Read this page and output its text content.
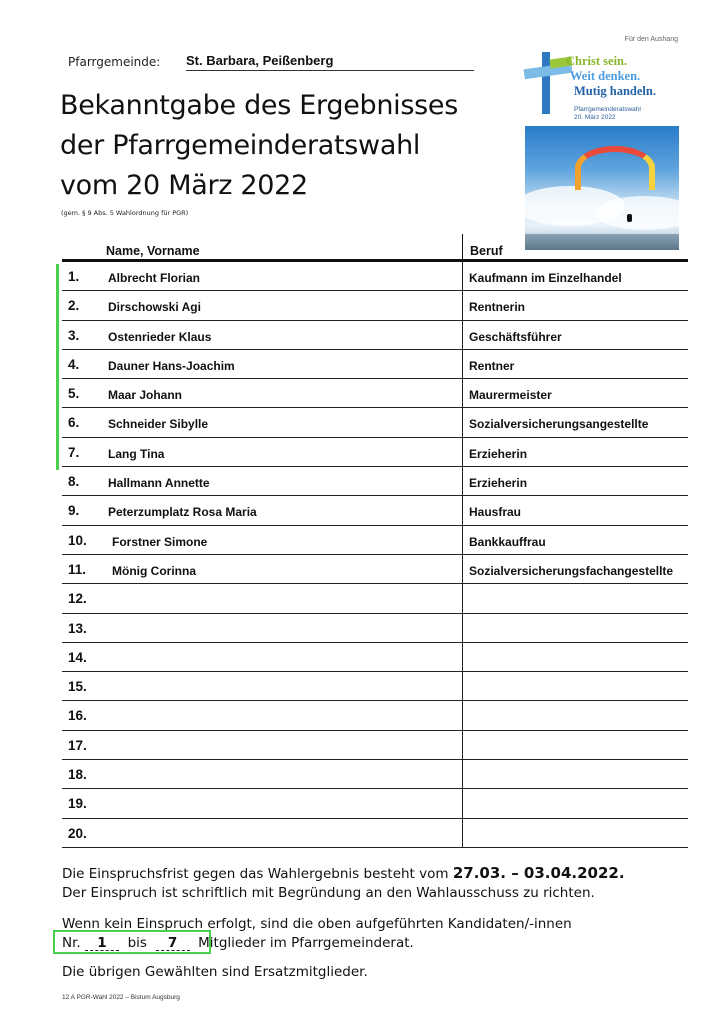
Für den Aushang
Pfarrgemeinde: St. Barbara, Peißenberg
Bekanntgabe des Ergebnisses
der Pfarrgemeinderatswahl
vom 20 März 2022
(gem. § 9 Abs. 5 Wahlordnung für PGR)
Christ sein.
Weit denken.
Mutig handeln.
Pfarrgemeinderatswahl
20. März 2022
Name, Vorname	Beruf
1. Albrecht Florian	Kaufmann im Einzelhandel
2. Dirschowski Agi	Rentnerin
3. Ostenrieder Klaus	Geschäftsführer
4. Dauner Hans-Joachim	Rentner
5. Maar Johann	Maurermeister
6. Schneider Sibylle	Sozialversicherungsangestellte
7. Lang Tina	Erzieherin
8. Hallmann Annette	Erzieherin
9. Peterzumplatz Rosa Maria	Hausfrau
10. Forstner Simone	Bankkauffrau
11. Mönig Corinna	Sozialversicherungsfachangestellte
12.
13.
14.
15.
16.
17.
18.
19.
20.
Die Einspruchsfrist gegen das Wahlergebnis besteht vom 27.03. – 03.04.2022.
Der Einspruch ist schriftlich mit Begründung an den Wahlausschuss zu richten.
Wenn kein Einspruch erfolgt, sind die oben aufgeführten Kandidaten/-innen
Nr. 1 bis 7 Mitglieder im Pfarrgemeinderat.
Die übrigen Gewählten sind Ersatzmitglieder.
12 A PGR-Wahl 2022 – Bistum Augsburg
